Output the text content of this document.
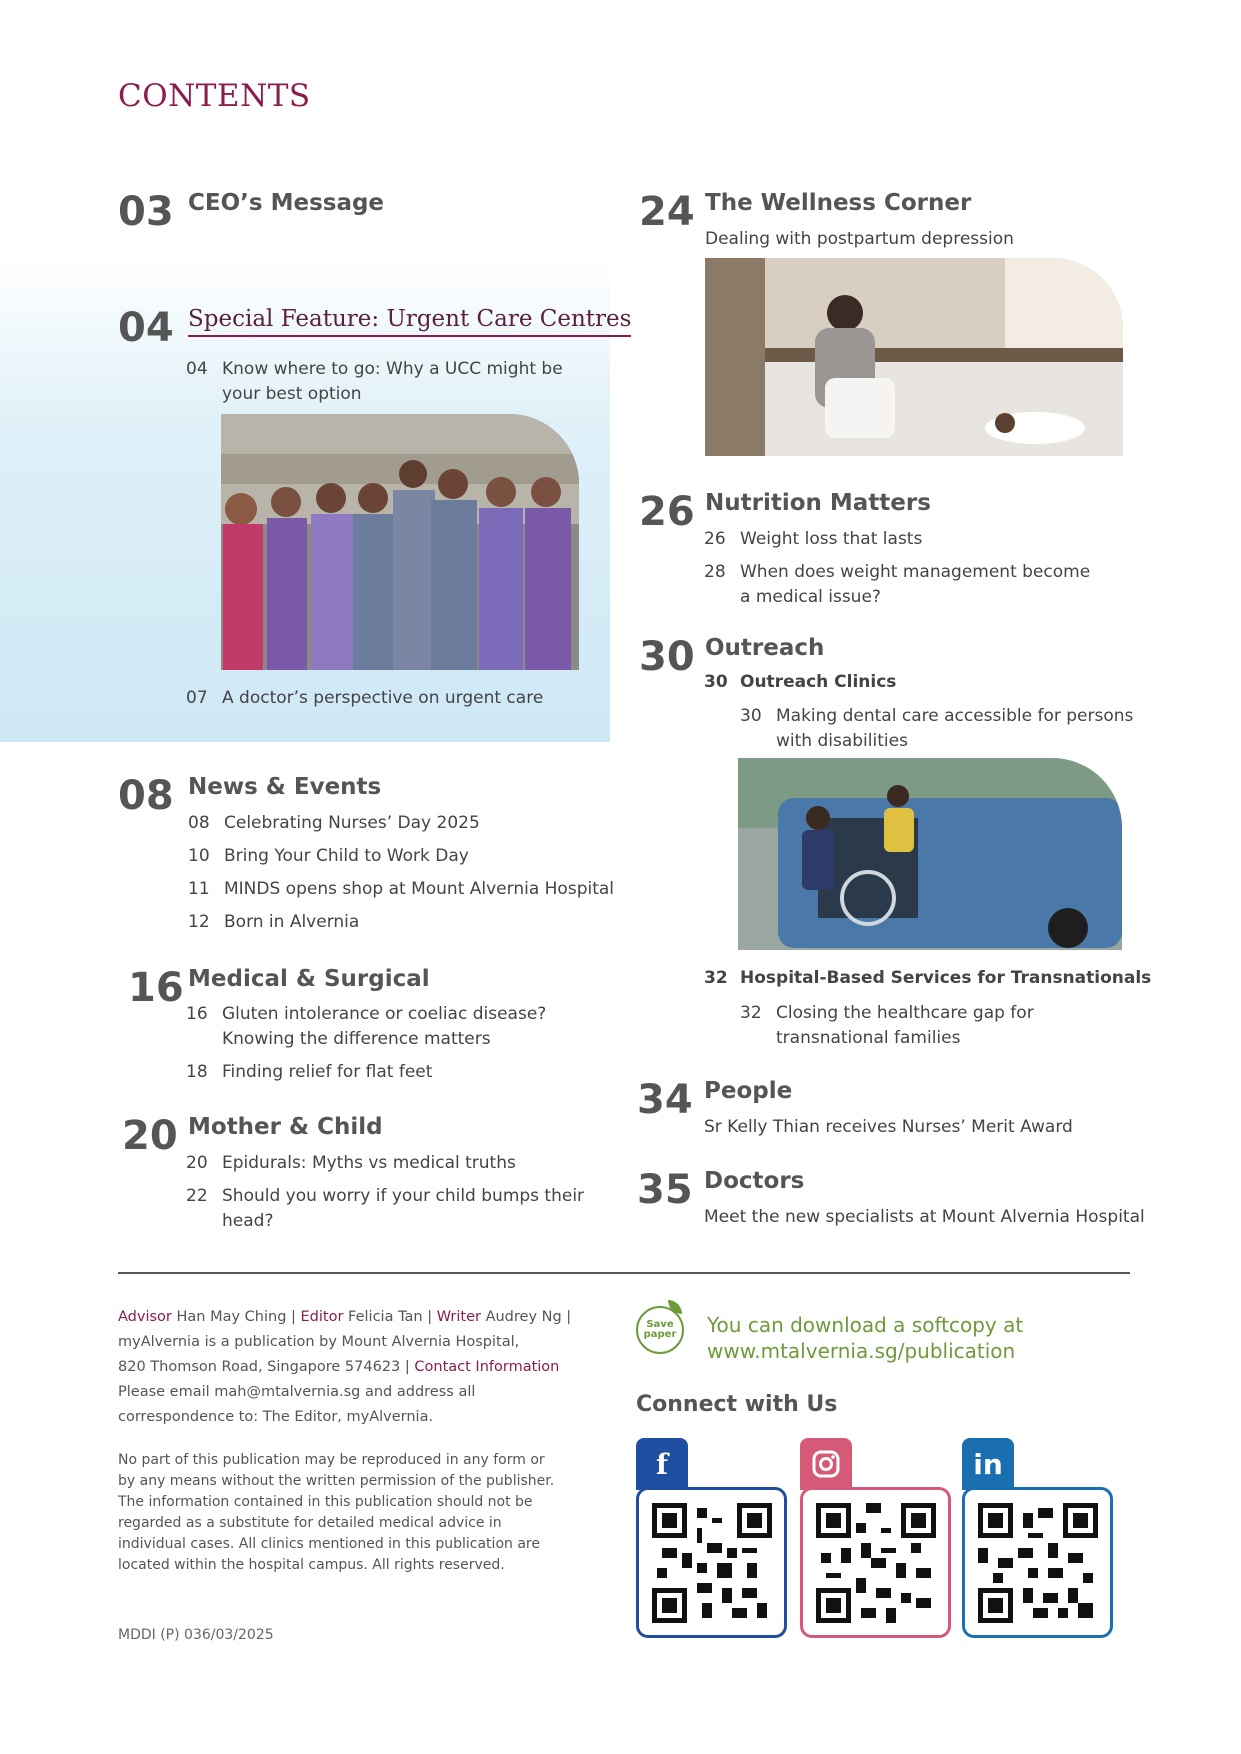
CONTENTS
03 CEO’s Message
04 Special Feature: Urgent Care Centres
04 Know where to go: Why a UCC might be
your best option
07 A doctor’s perspective on urgent care
08 News & Events
08 Celebrating Nurses’ Day 2025
10 Bring Your Child to Work Day
11 MINDS opens shop at Mount Alvernia Hospital
12 Born in Alvernia
16 Medical & Surgical
16 Gluten intolerance or coeliac disease?
Knowing the difference matters
18 Finding relief for flat feet
20 Mother & Child
20 Epidurals: Myths vs medical truths
22 Should you worry if your child bumps their
head?
24 The Wellness Corner
Dealing with postpartum depression
26 Nutrition Matters
26 Weight loss that lasts
28 When does weight management become
a medical issue?
30 Outreach
30 Outreach Clinics
30 Making dental care accessible for persons
with disabilities
32 Hospital-Based Services for Transnationals
32 Closing the healthcare gap for
transnational families
34 People
Sr Kelly Thian receives Nurses’ Merit Award
35 Doctors
Meet the new specialists at Mount Alvernia Hospital
Advisor Han May Ching | Editor Felicia Tan | Writer Audrey Ng |
myAlvernia is a publication by Mount Alvernia Hospital,
820 Thomson Road, Singapore 574623 | Contact Information
Please email mah@mtalvernia.sg and address all
correspondence to: The Editor, myAlvernia.
No part of this publication may be reproduced in any form or
by any means without the written permission of the publisher.
The information contained in this publication should not be
regarded as a substitute for detailed medical advice in
individual cases. All clinics mentioned in this publication are
located within the hospital campus. All rights reserved.
MDDI (P) 036/03/2025
Save paper You can download a softcopy at
www.mtalvernia.sg/publication
Connect with Us
f	in
